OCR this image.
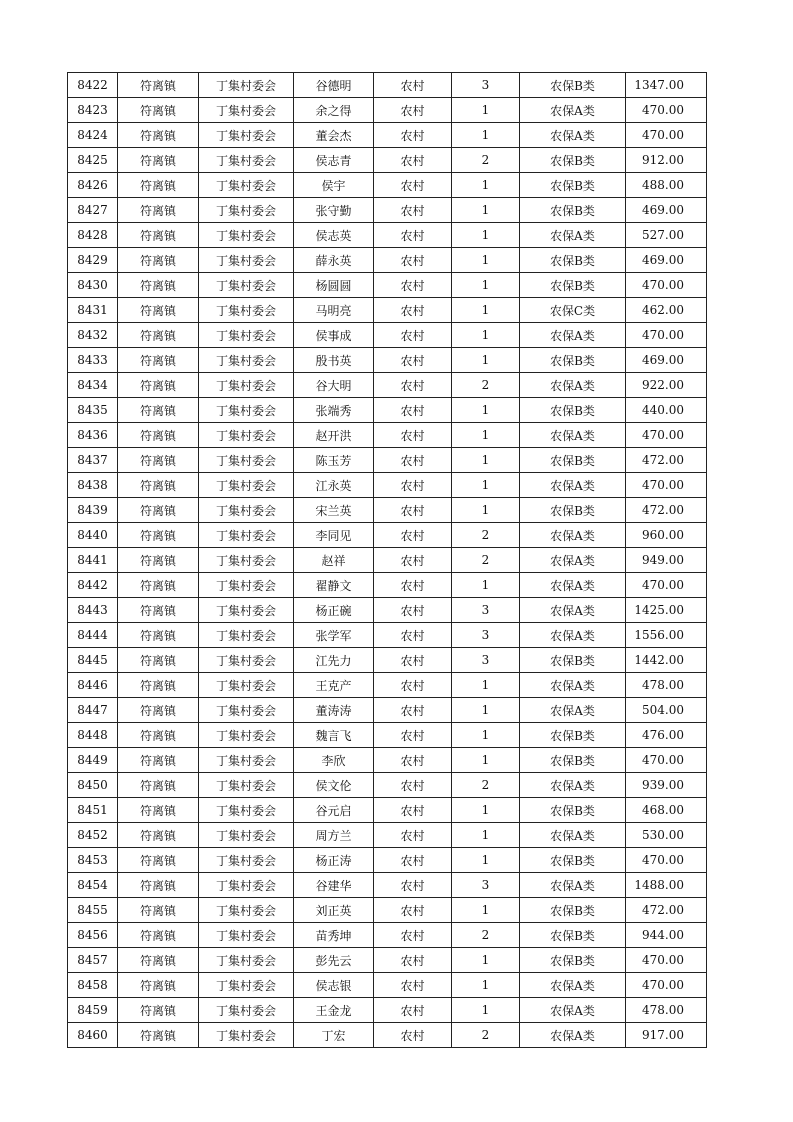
8422	符离镇	丁集村委会	谷德明	农村	3	农保B类	1347.00
8423	符离镇	丁集村委会	余之得	农村	1	农保A类	470.00
8424	符离镇	丁集村委会	董会杰	农村	1	农保A类	470.00
8425	符离镇	丁集村委会	侯志青	农村	2	农保B类	912.00
8426	符离镇	丁集村委会	侯宇	农村	1	农保B类	488.00
8427	符离镇	丁集村委会	张守勤	农村	1	农保B类	469.00
8428	符离镇	丁集村委会	侯志英	农村	1	农保A类	527.00
8429	符离镇	丁集村委会	薛永英	农村	1	农保B类	469.00
8430	符离镇	丁集村委会	杨圆圆	农村	1	农保B类	470.00
8431	符离镇	丁集村委会	马明亮	农村	1	农保C类	462.00
8432	符离镇	丁集村委会	侯事成	农村	1	农保A类	470.00
8433	符离镇	丁集村委会	殷书英	农村	1	农保B类	469.00
8434	符离镇	丁集村委会	谷大明	农村	2	农保A类	922.00
8435	符离镇	丁集村委会	张端秀	农村	1	农保B类	440.00
8436	符离镇	丁集村委会	赵开洪	农村	1	农保A类	470.00
8437	符离镇	丁集村委会	陈玉芳	农村	1	农保B类	472.00
8438	符离镇	丁集村委会	江永英	农村	1	农保A类	470.00
8439	符离镇	丁集村委会	宋兰英	农村	1	农保B类	472.00
8440	符离镇	丁集村委会	李同见	农村	2	农保A类	960.00
8441	符离镇	丁集村委会	赵祥	农村	2	农保A类	949.00
8442	符离镇	丁集村委会	翟静文	农村	1	农保A类	470.00
8443	符离镇	丁集村委会	杨正碗	农村	3	农保A类	1425.00
8444	符离镇	丁集村委会	张学军	农村	3	农保A类	1556.00
8445	符离镇	丁集村委会	江先力	农村	3	农保B类	1442.00
8446	符离镇	丁集村委会	王克产	农村	1	农保A类	478.00
8447	符离镇	丁集村委会	董涛涛	农村	1	农保A类	504.00
8448	符离镇	丁集村委会	魏言飞	农村	1	农保B类	476.00
8449	符离镇	丁集村委会	李欣	农村	1	农保B类	470.00
8450	符离镇	丁集村委会	侯文伦	农村	2	农保A类	939.00
8451	符离镇	丁集村委会	谷元启	农村	1	农保B类	468.00
8452	符离镇	丁集村委会	周方兰	农村	1	农保A类	530.00
8453	符离镇	丁集村委会	杨正涛	农村	1	农保B类	470.00
8454	符离镇	丁集村委会	谷建华	农村	3	农保A类	1488.00
8455	符离镇	丁集村委会	刘正英	农村	1	农保B类	472.00
8456	符离镇	丁集村委会	苗秀坤	农村	2	农保B类	944.00
8457	符离镇	丁集村委会	彭先云	农村	1	农保B类	470.00
8458	符离镇	丁集村委会	侯志银	农村	1	农保A类	470.00
8459	符离镇	丁集村委会	王金龙	农村	1	农保A类	478.00
8460	符离镇	丁集村委会	丁宏	农村	2	农保A类	917.00
